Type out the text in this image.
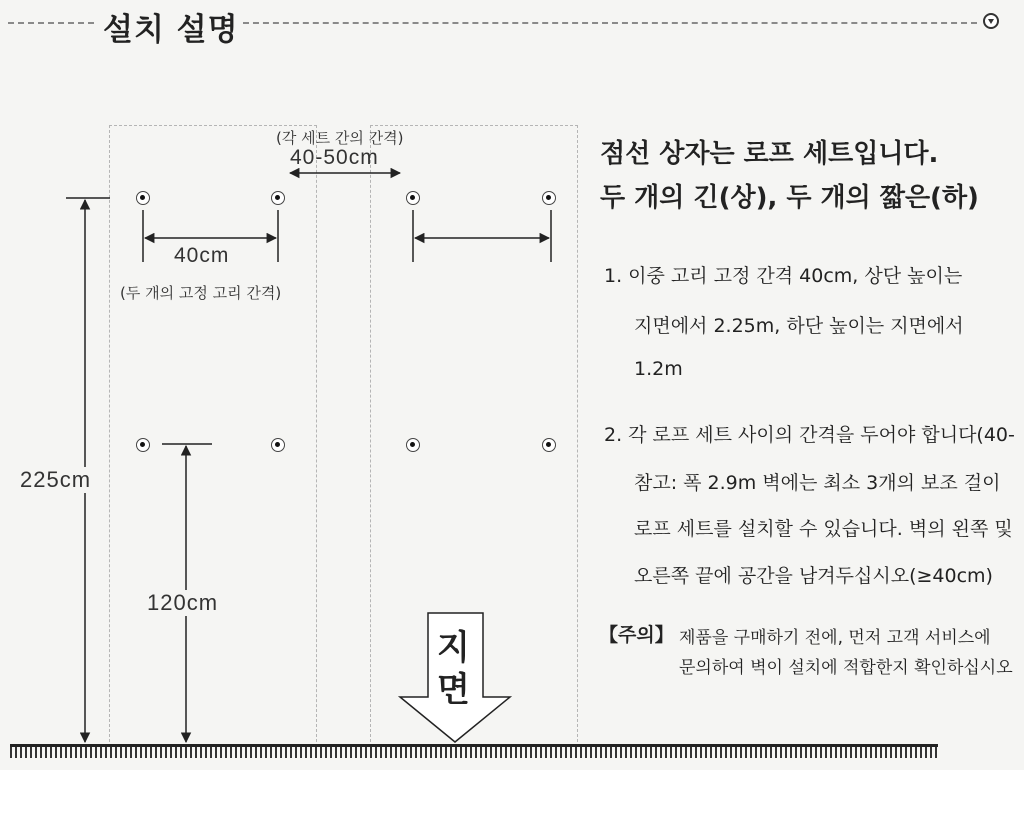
설치 설명
(각 세트 간의 간격)
40-50cm
40cm
(두 개의 고정 고리 간격)
225cm
120cm
지
면
점선 상자는 로프 세트입니다.
두 개의 긴(상), 두 개의 짧은(하)
1. 이중 고리 고정 간격 40cm, 상단 높이는
지면에서 2.25m, 하단 높이는 지면에서
1.2m
2. 각 로프 세트 사이의 간격을 두어야 합니다(40-
참고: 폭 2.9m 벽에는 최소 3개의 보조 걸이
로프 세트를 설치할 수 있습니다. 벽의 왼쪽 및
오른쪽 끝에 공간을 남겨두십시오(≥40cm)
【주의】 제품을 구매하기 전에, 먼저 고객 서비스에
문의하여 벽이 설치에 적합한지 확인하십시오
